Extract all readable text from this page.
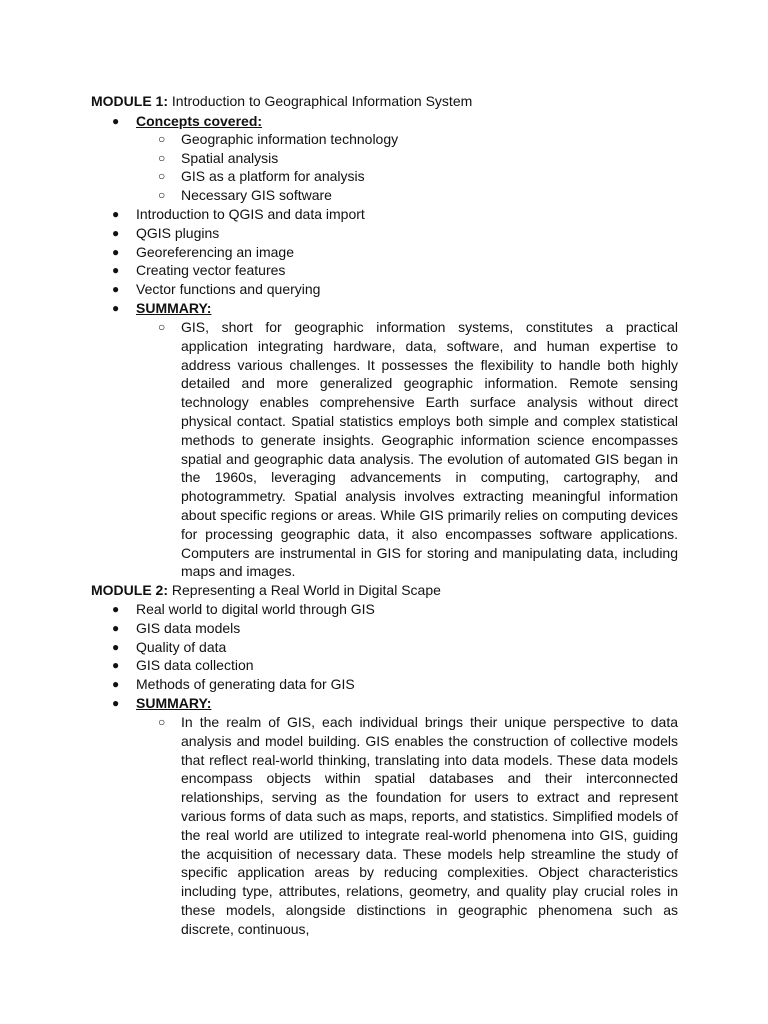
MODULE 1: Introduction to Geographical Information System
● Concepts covered:
○ Geographic information technology
○ Spatial analysis
○ GIS as a platform for analysis
○ Necessary GIS software
● Introduction to QGIS and data import
● QGIS plugins
● Georeferencing an image
● Creating vector features
● Vector functions and querying
● SUMMARY:
○ GIS, short for geographic information systems, constitutes a practical application integrating hardware, data, software, and human expertise to address various challenges. It possesses the flexibility to handle both highly detailed and more generalized geographic information. Remote sensing technology enables comprehensive Earth surface analysis without direct physical contact. Spatial statistics employs both simple and complex statistical methods to generate insights. Geographic information science encompasses spatial and geographic data analysis. The evolution of automated GIS began in the 1960s, leveraging advancements in computing, cartography, and photogrammetry. Spatial analysis involves extracting meaningful information about specific regions or areas. While GIS primarily relies on computing devices for processing geographic data, it also encompasses software applications. Computers are instrumental in GIS for storing and manipulating data, including maps and images.

MODULE 2: Representing a Real World in Digital Scape
● Real world to digital world through GIS
● GIS data models
● Quality of data
● GIS data collection
● Methods of generating data for GIS
● SUMMARY:
○ In the realm of GIS, each individual brings their unique perspective to data analysis and model building. GIS enables the construction of collective models that reflect real-world thinking, translating into data models. These data models encompass objects within spatial databases and their interconnected relationships, serving as the foundation for users to extract and represent various forms of data such as maps, reports, and statistics. Simplified models of the real world are utilized to integrate real-world phenomena into GIS, guiding the acquisition of necessary data. These models help streamline the study of specific application areas by reducing complexities. Object characteristics including type, attributes, relations, geometry, and quality play crucial roles in these models, alongside distinctions in geographic phenomena such as discrete, continuous,
